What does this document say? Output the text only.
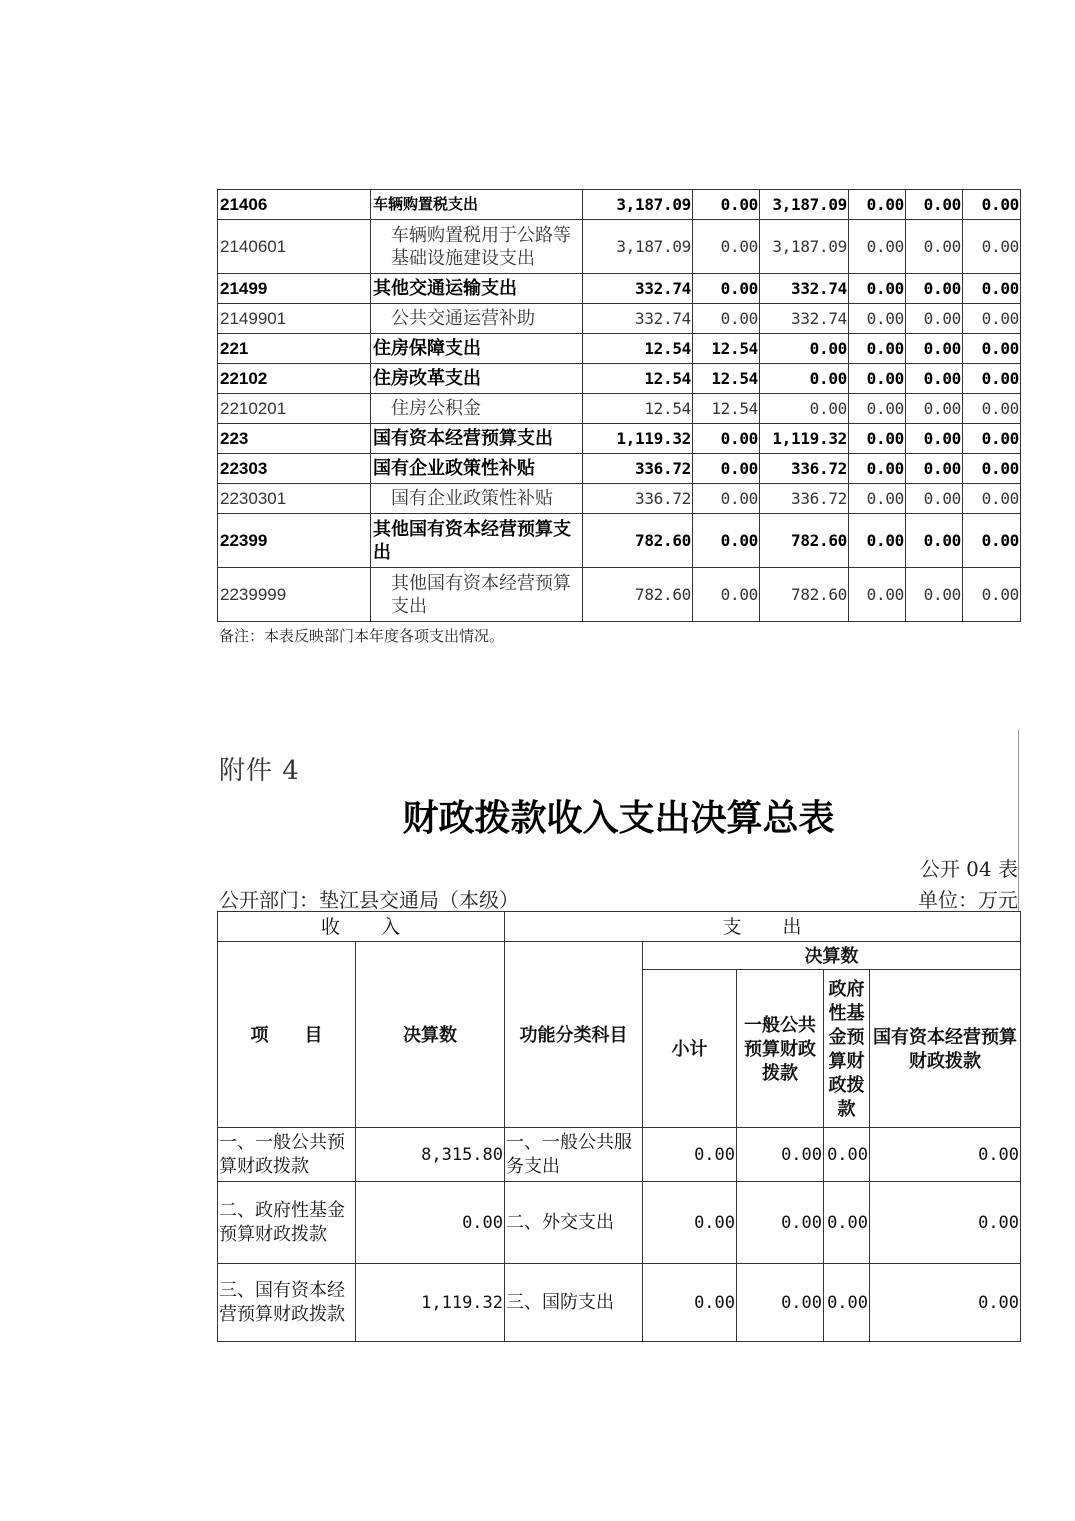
21406	车辆购置税支出	3,187.09	0.00	3,187.09	0.00	0.00	0.00
2140601	车辆购置税用于公路等基础设施建设支出	3,187.09	0.00	3,187.09	0.00	0.00	0.00
21499	其他交通运输支出	332.74	0.00	332.74	0.00	0.00	0.00
2149901	公共交通运营补助	332.74	0.00	332.74	0.00	0.00	0.00
221	住房保障支出	12.54	12.54	0.00	0.00	0.00	0.00
22102	住房改革支出	12.54	12.54	0.00	0.00	0.00	0.00
2210201	住房公积金	12.54	12.54	0.00	0.00	0.00	0.00
223	国有资本经营预算支出	1,119.32	0.00	1,119.32	0.00	0.00	0.00
22303	国有企业政策性补贴	336.72	0.00	336.72	0.00	0.00	0.00
2230301	国有企业政策性补贴	336.72	0.00	336.72	0.00	0.00	0.00
22399	其他国有资本经营预算支出	782.60	0.00	782.60	0.00	0.00	0.00
2239999	其他国有资本经营预算支出	782.60	0.00	782.60	0.00	0.00	0.00
备注：本表反映部门本年度各项支出情况。
附件 4
财政拨款收入支出决算总表
公开 04 表
公开部门：垫江县交通局（本级）	单位：万元
收　　入		支　　出				
项　　目	决算数	功能分类科目	决算数			
			小计	一般公共预算财政拨款	政府性基金预算财政拨款	国有资本经营预算财政拨款
一、一般公共预算财政拨款	8,315.80	一、一般公共服务支出	0.00	0.00	0.00	0.00
二、政府性基金预算财政拨款	0.00	二、外交支出	0.00	0.00	0.00	0.00
三、国有资本经营预算财政拨款	1,119.32	三、国防支出	0.00	0.00	0.00	0.00
